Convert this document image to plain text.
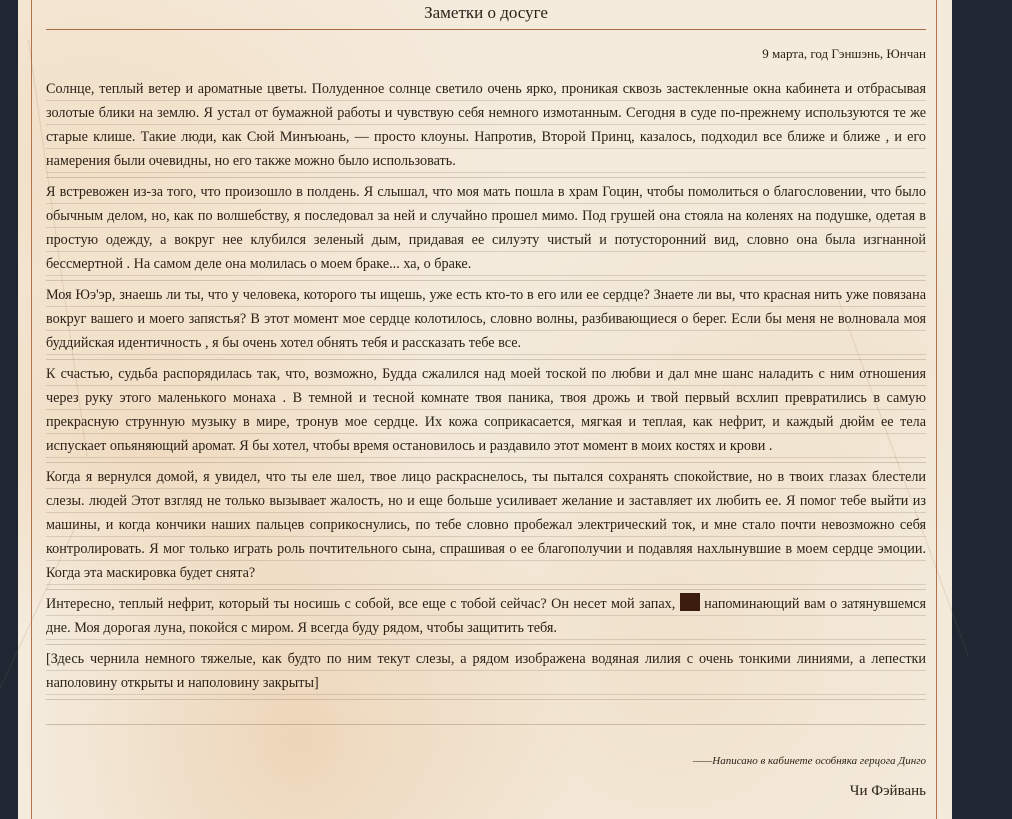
Заметки о досуге
9 марта, год Гэншэнь, Юнчан

Солнце, теплый ветер и ароматные цветы. Полуденное солнце светило очень ярко, проникая сквозь застекленные окна кабинета и отбрасывая золотые блики на землю. Я устал от бумажной работы и чувствую себя немного измотанным. Сегодня в суде по-прежнему используются те же старые клише. Такие люди, как Сюй Минъюань, — просто клоуны. Напротив, Второй Принц, казалось, подходил все ближе и ближе , и его намерения были очевидны, но его также можно было использовать.

Я встревожен из-за того, что произошло в полдень. Я слышал, что моя мать пошла в храм Гоцин, чтобы помолиться о благословении, что было обычным делом, но, как по волшебству, я последовал за ней и случайно прошел мимо. Под грушей она стояла на коленях на подушке, одетая в простую одежду, а вокруг нее клубился зеленый дым, придавая ее силуэту чистый и потусторонний вид, словно она была изгнанной бессмертной . На самом деле она молилась о моем браке... ха, о браке.

Моя Юэ'эр, знаешь ли ты, что у человека, которого ты ищешь, уже есть кто-то в его или ее сердце? Знаете ли вы, что красная нить уже повязана вокруг вашего и моего запястья? В этот момент мое сердце колотилось, словно волны, разбивающиеся о берег. Если бы меня не волновала моя буддийская идентичность , я бы очень хотел обнять тебя и рассказать тебе все.

К счастью, судьба распорядилась так, что, возможно, Будда сжалился над моей тоской по любви и дал мне шанс наладить с ним отношения через руку этого маленького монаха . В темной и тесной комнате твоя паника, твоя дрожь и твой первый всхлип превратились в самую прекрасную струнную музыку в мире, тронув мое сердце. Их кожа соприкасается, мягкая и теплая, как нефрит, и каждый дюйм ее тела испускает опьяняющий аромат. Я бы хотел, чтобы время остановилось и раздавило этот момент в моих костях и крови .

Когда я вернулся домой, я увидел, что ты еле шел, твое лицо раскраснелось, ты пытался сохранять спокойствие, но в твоих глазах блестели слезы. людей Этот взгляд не только вызывает жалость, но и еще больше усиливает желание и заставляет их любить ее. Я помог тебе выйти из машины, и когда кончики наших пальцев соприкоснулись, по тебе словно пробежал электрический ток, и мне стало почти невозможно себя контролировать. Я мог только играть роль почтительного сына, спрашивая о ее благополучии и подавляя нахлынувшие в моем сердце эмоции. Когда эта маскировка будет снята?

Интересно, теплый нефрит, который ты носишь с собой, все еще с тобой сейчас? Он несет мой запах, напоминающий вам о затянувшемся дне. Моя дорогая луна, покойся с миром. Я всегда буду рядом, чтобы защитить тебя.

[Здесь чернила немного тяжелые, как будто по ним текут слезы, а рядом изображена водяная лилия с очень тонкими линиями, а лепестки наполовину открыты и наполовину закрыты]

——Написано в кабинете особняка герцога Динго
Чи Фэйвань
